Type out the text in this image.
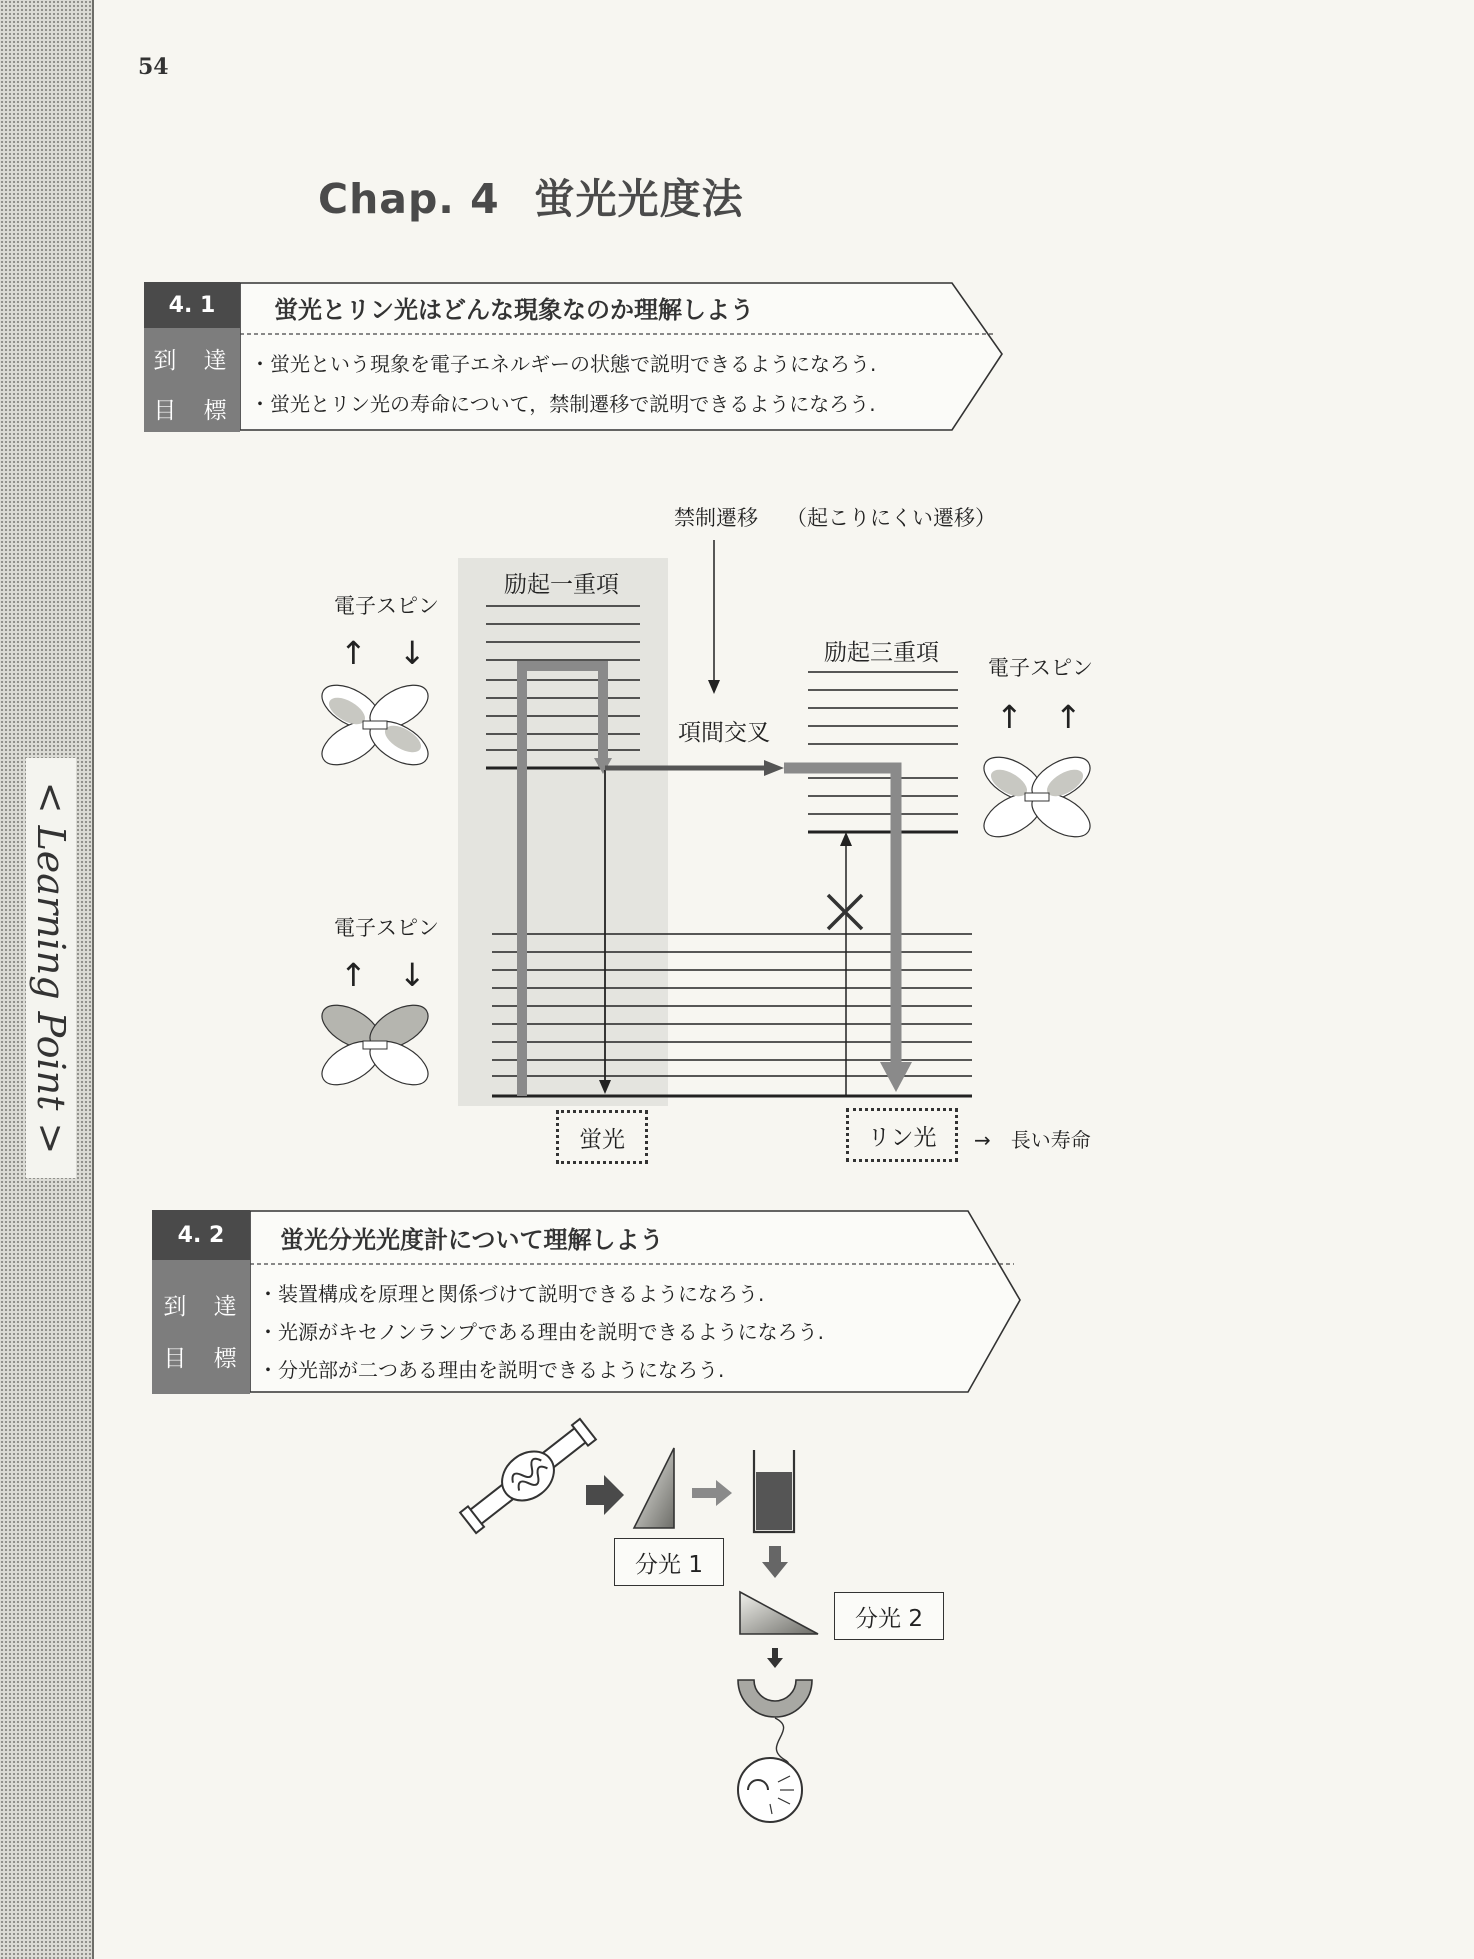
< Learning Point >
54
Chap. 4 蛍光光度法
4. 1	蛍光とリン光はどんな現象なのか理解しよう
到 達
目 標
・ 蛍光という現象を電子エネルギーの状態で説明できるようになろう.
・ 蛍光とリン光の寿命について，禁制遷移で説明できるようになろう.
禁制遷移 （起こりにくい遷移）
励起一重項
励起三重項
項間交叉
電子スピン
↑　↓	電子スピン
↑　↑
電子スピン
↑　↓
蛍光	リン光	→　長い寿命
4. 2	蛍光分光光度計について理解しよう
到 達
目 標
・ 装置構成を原理と関係づけて説明できるようになろう.
・ 光源がキセノンランプである理由を説明できるようになろう.
・ 分光部が二つある理由を説明できるようになろう.
分光 1
分光 2
